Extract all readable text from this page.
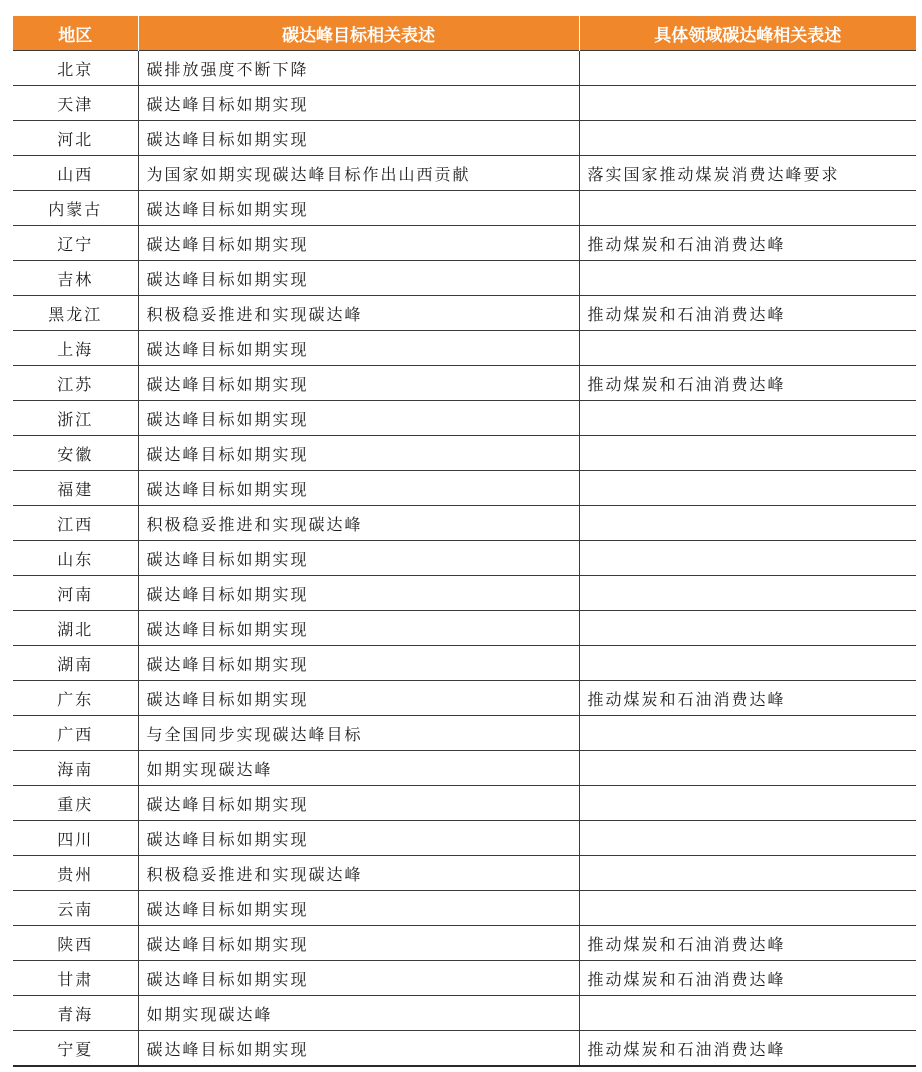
地区	碳达峰目标相关表述	具体领域碳达峰相关表述
北京	碳排放强度不断下降	
天津	碳达峰目标如期实现	
河北	碳达峰目标如期实现	
山西	为国家如期实现碳达峰目标作出山西贡献	落实国家推动煤炭消费达峰要求
内蒙古	碳达峰目标如期实现	
辽宁	碳达峰目标如期实现	推动煤炭和石油消费达峰
吉林	碳达峰目标如期实现	
黑龙江	积极稳妥推进和实现碳达峰	推动煤炭和石油消费达峰
上海	碳达峰目标如期实现	
江苏	碳达峰目标如期实现	推动煤炭和石油消费达峰
浙江	碳达峰目标如期实现	
安徽	碳达峰目标如期实现	
福建	碳达峰目标如期实现	
江西	积极稳妥推进和实现碳达峰	
山东	碳达峰目标如期实现	
河南	碳达峰目标如期实现	
湖北	碳达峰目标如期实现	
湖南	碳达峰目标如期实现	
广东	碳达峰目标如期实现	推动煤炭和石油消费达峰
广西	与全国同步实现碳达峰目标	
海南	如期实现碳达峰	
重庆	碳达峰目标如期实现	
四川	碳达峰目标如期实现	
贵州	积极稳妥推进和实现碳达峰	
云南	碳达峰目标如期实现	
陕西	碳达峰目标如期实现	推动煤炭和石油消费达峰
甘肃	碳达峰目标如期实现	推动煤炭和石油消费达峰
青海	如期实现碳达峰	
宁夏	碳达峰目标如期实现	推动煤炭和石油消费达峰
